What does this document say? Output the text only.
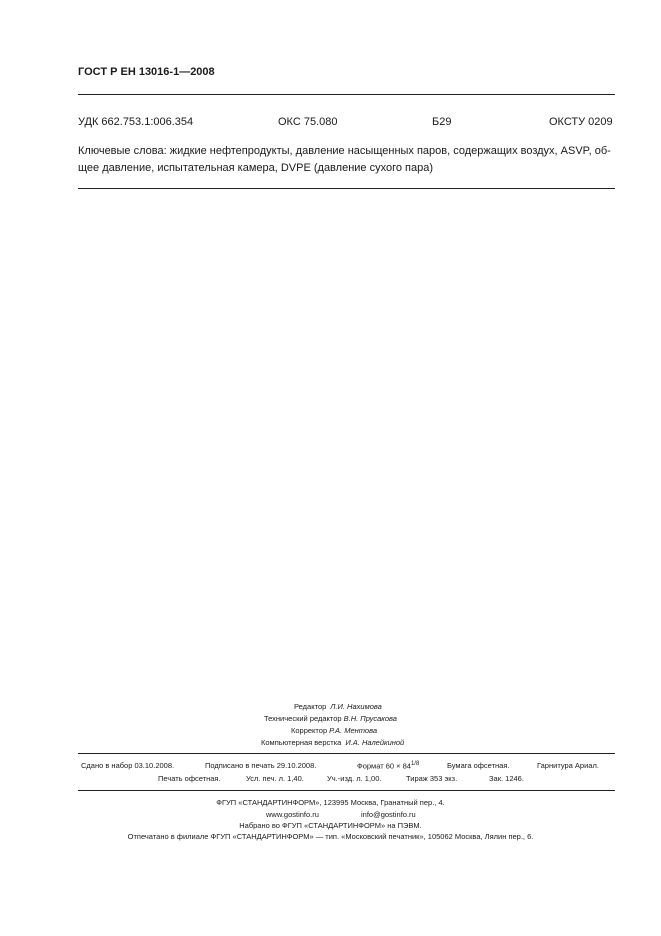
ГОСТ Р ЕН 13016-1—2008
УДК 662.753.1:006.354	ОКС 75.080	Б29	ОКСТУ 0209
Ключевые слова: жидкие нефтепродукты, давление насыщенных паров, содержащих воздух, ASVP, об-
щее давление, испытательная камера, DVPE (давление сухого пара)
Редактор Л.И. Нахимова
Технический редактор В.Н. Прусакова
Корректор Р.А. Ментова
Компьютерная верстка И.А. Налейкиной
Сдано в набор 03.10.2008.	Подписано в печать 29.10.2008.	Формат $60 \times 84^{1/8}$	Бумага офсетная.	Гарнитура Ариал.
Печать офсетная.	Усл. печ. л. 1,40.	Уч.-изд. л. 1,00.	Тираж 353 экз.	Зак. 1246.
ФГУП «СТАНДАРТИНФОРМ», 123995 Москва, Гранатный пер., 4.
www.gostinfo.ru	info@gostinfo.ru
Набрано во ФГУП «СТАНДАРТИНФОРМ» на ПЭВМ.
Отпечатано в филиале ФГУП «СТАНДАРТИНФОРМ» — тип. «Московский печатник», 105062 Москва, Лялин пер., 6.
